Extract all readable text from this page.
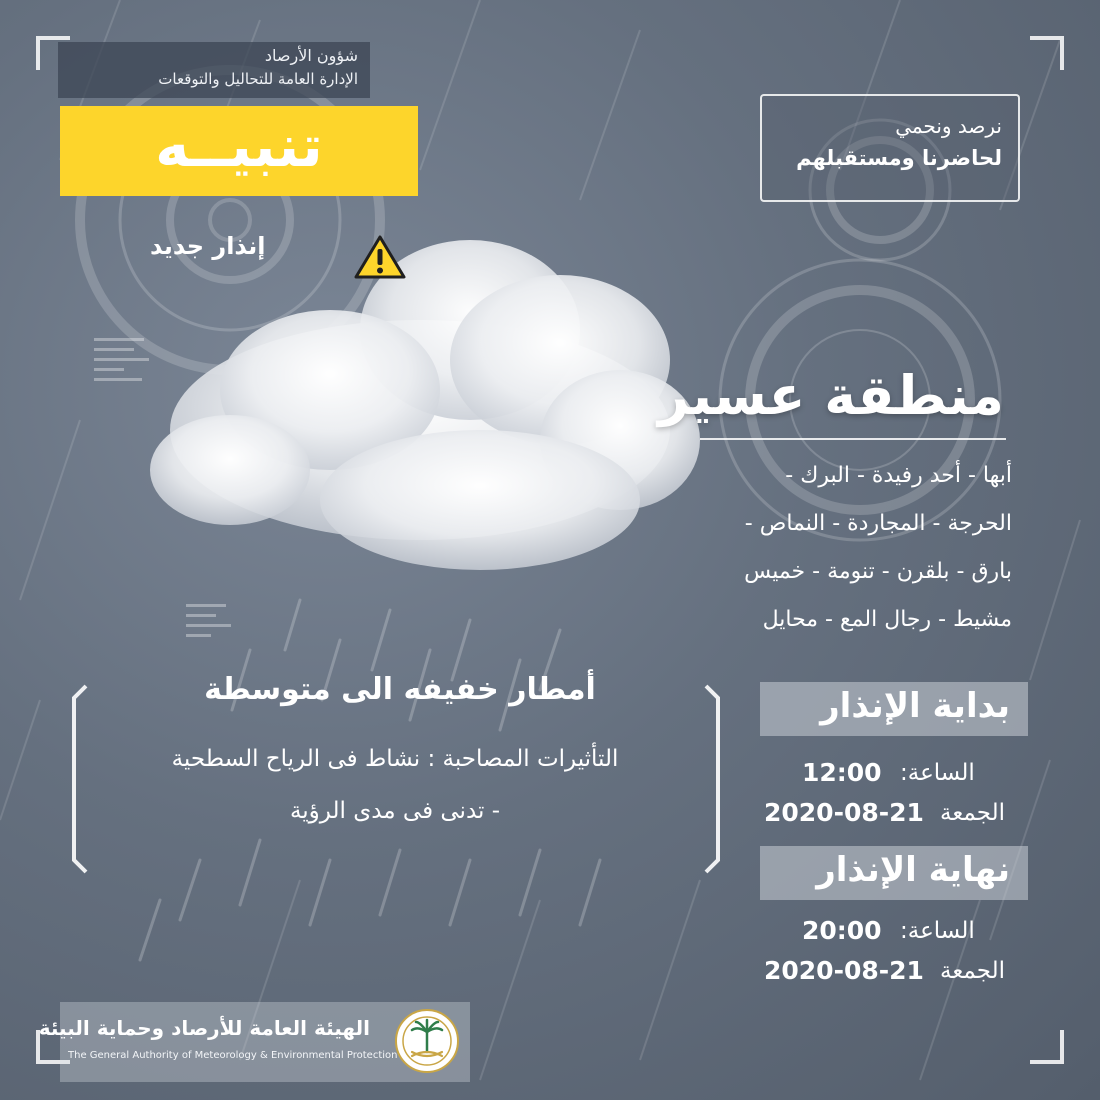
شؤون الأرصاد
الإدارة العامة للتحاليل والتوقعات
تنبيــه
إنذار جديد
نرصد ونحمي
لحاضرنا ومستقبلهم
منطقة عسير
أبها - أحد رفيدة - البرك -
الحرجة - المجاردة - النماص -
بارق - بلقرن - تنومة - خميس
مشيط - رجال المع - محايل
أمطار خفيفه الى متوسطة
التأثيرات المصاحبة : نشاط فى الرياح السطحية
- تدنى فى مدى الرؤية
بداية الإنذار
الساعة:
12:00
الجمعة
2020-08-21
نهاية الإنذار
الساعة:
20:00
الجمعة
2020-08-21
الهيئة العامة للأرصاد وحماية البيئة
The General Authority of Meteorology & Environmental Protection
